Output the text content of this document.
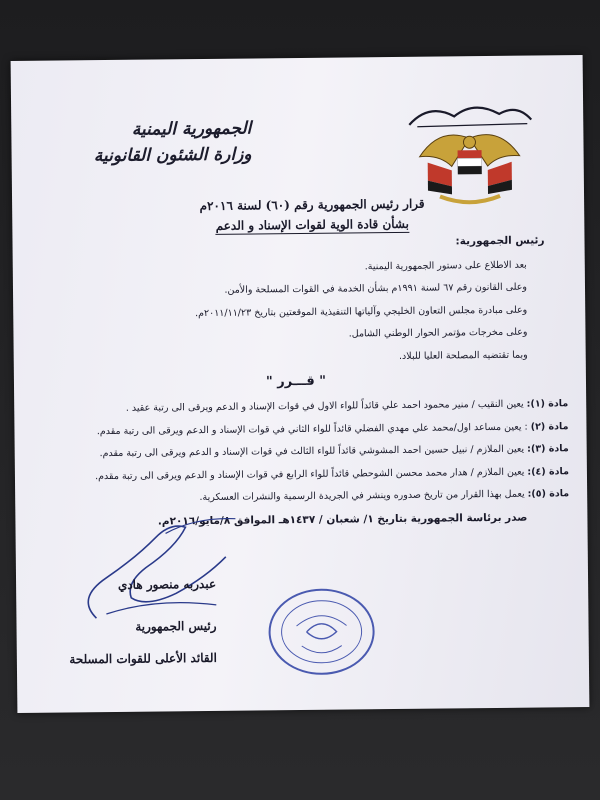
الجمهورية اليمنية
وزارة الشئون القانونية
قرار رئيس الجمهورية رقم (٦٠) لسنة ٢٠١٦م
بشأن قادة الوية لقوات الإسناد و الدعم
رئيس الجمهورية:

بعد الاطلاع على دستور الجمهورية اليمنية.

وعلى القانون رقم ٦٧ لسنة ١٩٩١م بشأن الخدمة في القوات المسلحة والأمن.

وعلى مبادرة مجلس التعاون الخليجي وآلياتها التنفيذية الموقعتين بتاريخ ٢٠١١/١١/٢٣م.

وعلى مخرجات مؤتمر الحوار الوطني الشامل.

وبما تقتضيه المصلحة العليا للبلاد.

" قـــرر "
مادة (١): يعين النقيب / منير محمود احمد علي قائداً للواء الاول في قوات الإسناد و الدعم ويرقى الى رتبة عقيد .
مادة (٢) : يعين مساعد اول/محمد علي مهدي الفضلي قائداً للواء الثاني في قوات الإسناد و الدعم ويرقى الى رتبة مقدم.
مادة (٣): يعين الملازم / نبيل حسين احمد المشوشي قائداً للواء الثالث في قوات الإسناد و الدعم ويرقى الى رتبة مقدم.
مادة (٤): يعين الملازم / هدار محمد محسن الشوحطي قائداً للواء الرابع في قوات الإسناد و الدعم ويرقى الى رتبة مقدم.
مادة (٥): يعمل بهذا القرار من تاريخ صدوره وينشر في الجريدة الرسمية والنشرات العسكرية.
صدر برئاسة الجمهورية بتاريخ ١/ شعبان / ١٤٣٧هـ الموافق ٨/مايو/٢٠١٦م.
عبدربه منصور هادي
رئيس الجمهورية
القائد الأعلى للقوات المسلحة
